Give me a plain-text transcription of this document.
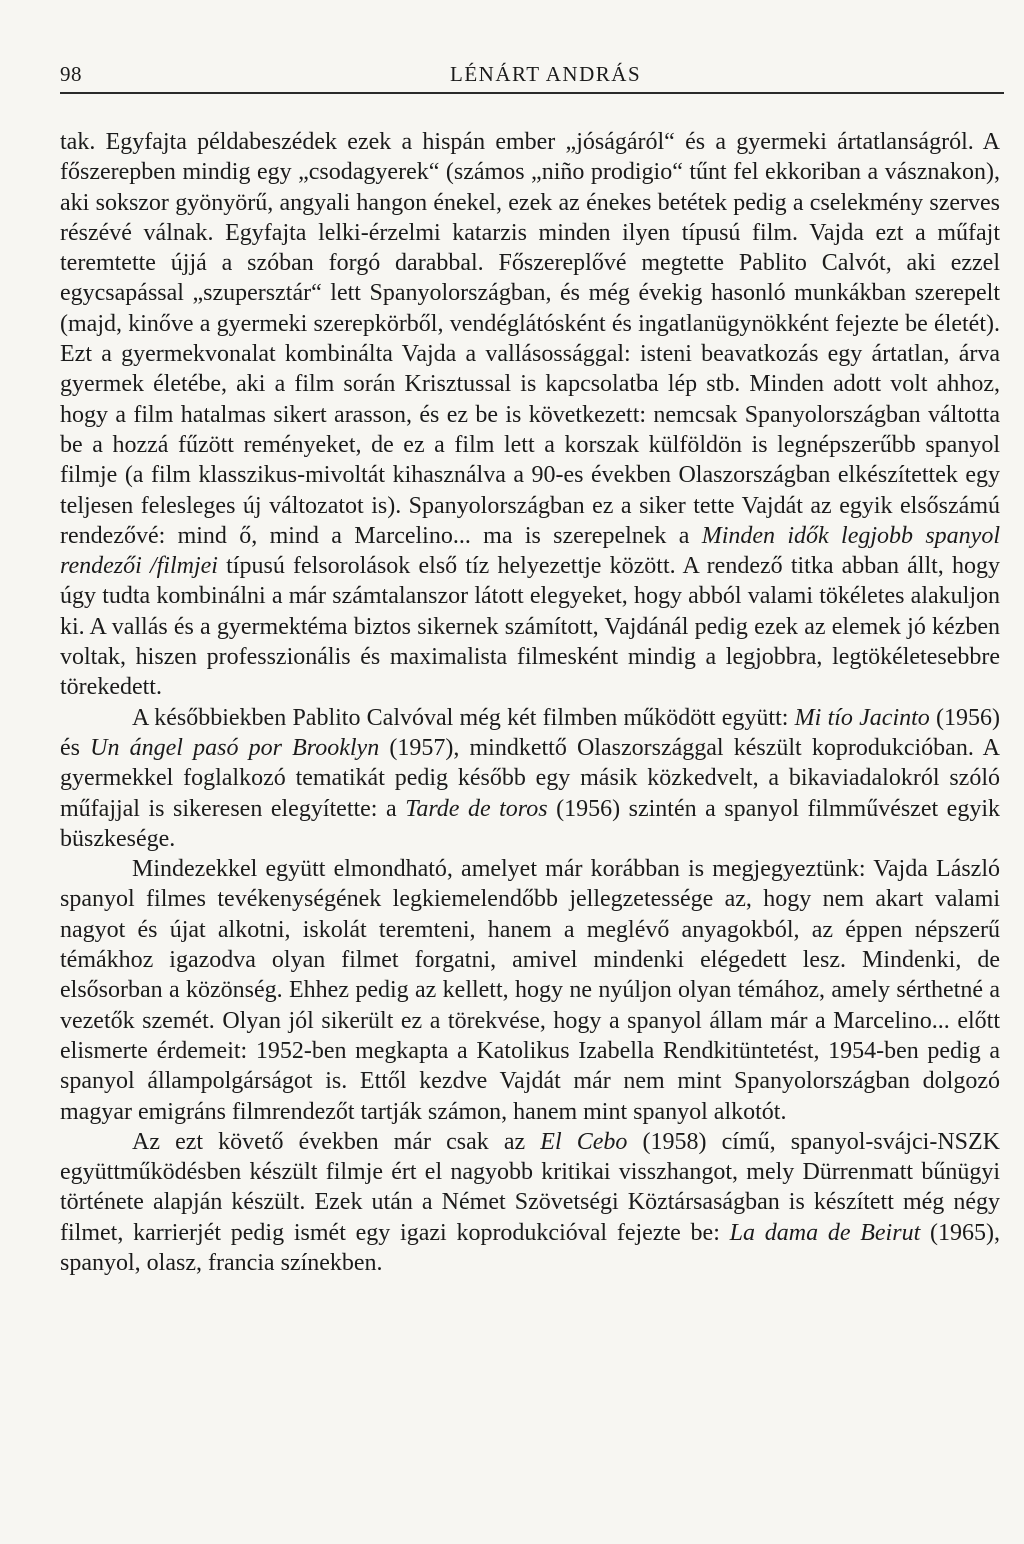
98	LÉNÁRT ANDRÁS

tak. Egyfajta példabeszédek ezek a hispán ember „jóságáról“ és a gyermeki ártatlanságról. A főszerepben mindig egy „csodagyerek“ (számos „niño prodigio“ tűnt fel ekkoriban a vásznakon), aki sokszor gyönyörű, angyali hangon énekel, ezek az énekes betétek pedig a cselekmény szerves részévé válnak. Egyfajta lelki-érzelmi katarzis minden ilyen típusú film. Vajda ezt a műfajt teremtette újjá a szóban forgó darabbal. Főszereplővé megtette Pablito Calvót, aki ezzel egycsapással „szupersztár“ lett Spanyolországban, és még évekig hasonló munkákban szerepelt (majd, kinőve a gyermeki szerepkörből, vendéglátósként és ingatlanügynökként fejezte be életét). Ezt a gyermekvonalat kombinálta Vajda a vallásossággal: isteni beavatkozás egy ártatlan, árva gyermek életébe, aki a film során Krisztussal is kapcsolatba lép stb. Minden adott volt ahhoz, hogy a film hatalmas sikert arasson, és ez be is következett: nemcsak Spanyolországban váltotta be a hozzá fűzött reményeket, de ez a film lett a korszak külföldön is legnépszerűbb spanyol filmje (a film klasszikus-mivoltát kihasználva a 90-es években Olaszországban elkészítettek egy teljesen felesleges új változatot is). Spanyolországban ez a siker tette Vajdát az egyik elsőszámú rendezővé: mind ő, mind a Marcelino... ma is szerepelnek a Minden idők legjobb spanyol rendezői /filmjei típusú felsorolások első tíz helyezettje között. A rendező titka abban állt, hogy úgy tudta kombinálni a már számtalanszor látott elegyeket, hogy abból valami tökéletes alakuljon ki. A vallás és a gyermektéma biztos sikernek számított, Vajdánál pedig ezek az elemek jó kézben voltak, hiszen professzionális és maximalista filmesként mindig a legjobbra, legtökéletesebbre törekedett.

A későbbiekben Pablito Calvóval még két filmben működött együtt: Mi tío Jacinto (1956) és Un ángel pasó por Brooklyn (1957), mindkettő Olaszországgal készült koprodukcióban. A gyermekkel foglalkozó tematikát pedig később egy másik közkedvelt, a bikaviadalokról szóló műfajjal is sikeresen elegyítette: a Tarde de toros (1956) szintén a spanyol filmművészet egyik büszkesége.

Mindezekkel együtt elmondható, amelyet már korábban is megjegyeztünk: Vajda László spanyol filmes tevékenységének legkiemelendőbb jellegzetessége az, hogy nem akart valami nagyot és újat alkotni, iskolát teremteni, hanem a meglévő anyagokból, az éppen népszerű témákhoz igazodva olyan filmet forgatni, amivel mindenki elégedett lesz. Mindenki, de elsősorban a közönség. Ehhez pedig az kellett, hogy ne nyúljon olyan témához, amely sérthetné a vezetők szemét. Olyan jól sikerült ez a törekvése, hogy a spanyol állam már a Marcelino... előtt elismerte érdemeit: 1952-ben megkapta a Katolikus Izabella Rendkitüntetést, 1954-ben pedig a spanyol állampolgárságot is. Ettől kezdve Vajdát már nem mint Spanyolországban dolgozó magyar emigráns filmrendezőt tartják számon, hanem mint spanyol alkotót.

Az ezt követő években már csak az El Cebo (1958) című, spanyol-svájci-NSZK együttműködésben készült filmje ért el nagyobb kritikai visszhangot, mely Dürrenmatt bűnügyi története alapján készült. Ezek után a Német Szövetségi Köztársaságban is készített még négy filmet, karrierjét pedig ismét egy igazi koprodukcióval fejezte be: La dama de Beirut (1965), spanyol, olasz, francia színekben.
